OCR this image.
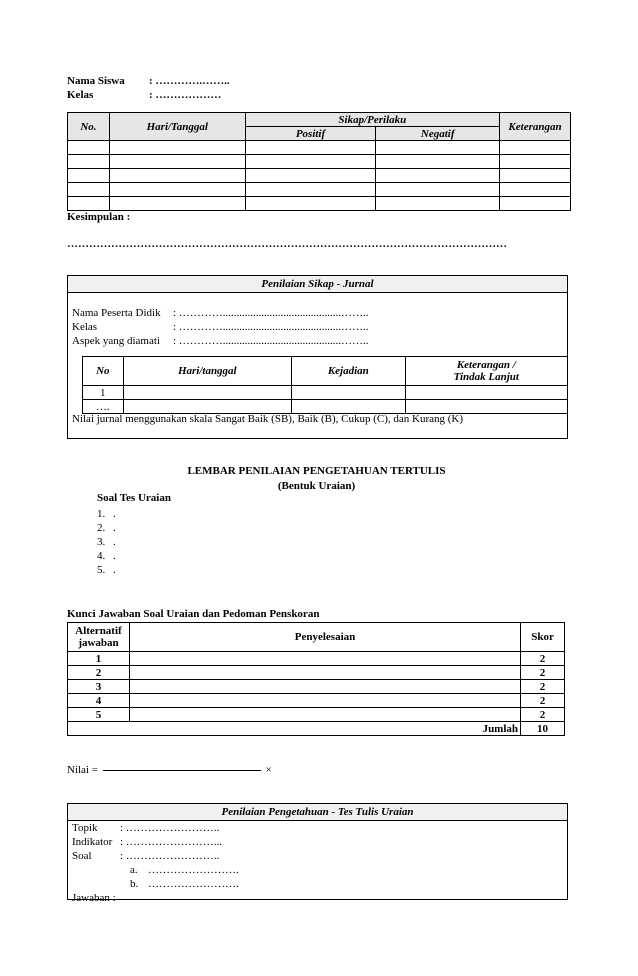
Nama Siswa : ………….……..
Kelas	: ………………
No.	Hari/Tanggal	Sikap/Perilaku		Keterangan
		Positif	Negatif	

Kesimpulan :
…………………………………………………………………………………………………………
Penilaian Sikap - Jurnal
Nama Peserta Didik : …………...........................................……..
Kelas	: …………...........................................……..
Aspek yang diamati : …………...........................................……..
No	Hari/tanggal	Kejadian	Keterangan /
Tindak Lanjut

1			
….			
Nilai jurnal menggunakan skala Sangat Baik (SB), Baik (B), Cukup (C), dan Kurang (K)
LEMBAR PENILAIAN PENGETAHUAN TERTULIS
(Bentuk Uraian)
Soal Tes Uraian
1. .
2. .
3. .
4. .
5. .
Kunci Jawaban Soal Uraian dan Pedoman Penskoran
Alternatif
jawaban	Penyelesaian	Skor
1		2
2		2
3		2
4		2
5		2
Jumlah		10
Nilai =	×
Penilaian Pengetahuan - Tes Tulis Uraian
Topik : ……………………..
Indikator : ……………………...
Soal	: ……………………..
a. …………………….
b. …………………….
Jawaban :
